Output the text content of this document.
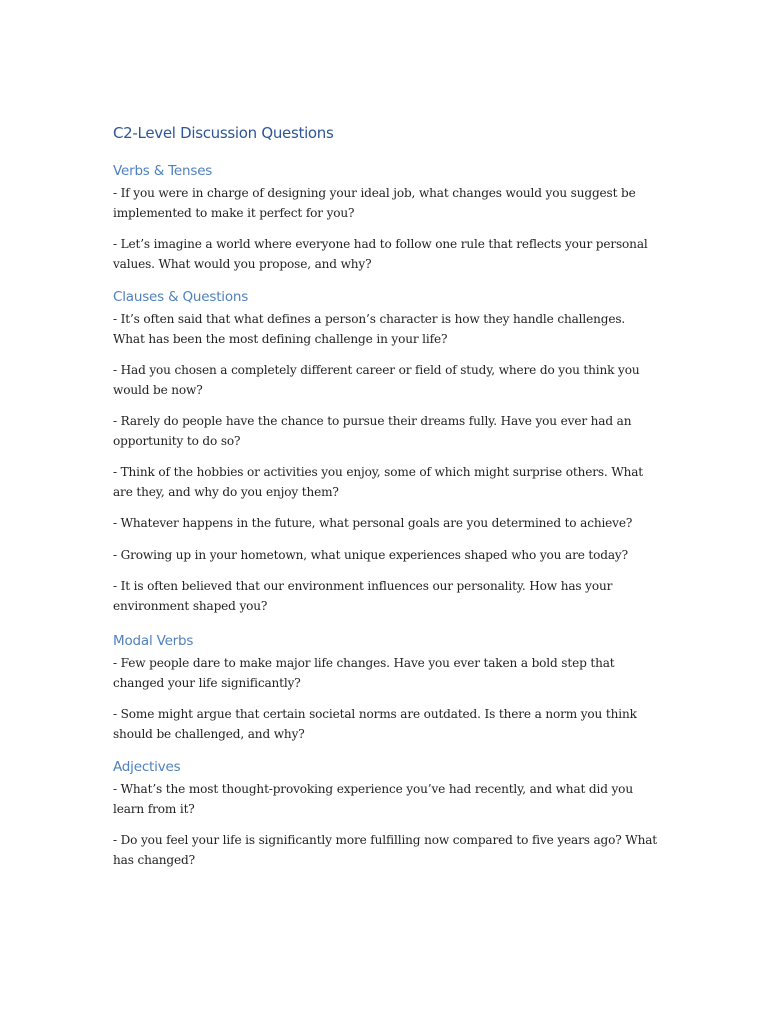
C2-Level Discussion Questions
Verbs & Tenses

- If you were in charge of designing your ideal job, what changes would you suggest be implemented to make it perfect for you?

- Let’s imagine a world where everyone had to follow one rule that reflects your personal values. What would you propose, and why?

Clauses & Questions

- It’s often said that what defines a person’s character is how they handle challenges. What has been the most defining challenge in your life?

- Had you chosen a completely different career or field of study, where do you think you would be now?

- Rarely do people have the chance to pursue their dreams fully. Have you ever had an opportunity to do so?

- Think of the hobbies or activities you enjoy, some of which might surprise others. What are they, and why do you enjoy them?

- Whatever happens in the future, what personal goals are you determined to achieve?

- Growing up in your hometown, what unique experiences shaped who you are today?

- It is often believed that our environment influences our personality. How has your environment shaped you?

Modal Verbs

- Few people dare to make major life changes. Have you ever taken a bold step that changed your life significantly?

- Some might argue that certain societal norms are outdated. Is there a norm you think should be challenged, and why?

Adjectives

- What’s the most thought-provoking experience you’ve had recently, and what did you learn from it?

- Do you feel your life is significantly more fulfilling now compared to five years ago? What has changed?
